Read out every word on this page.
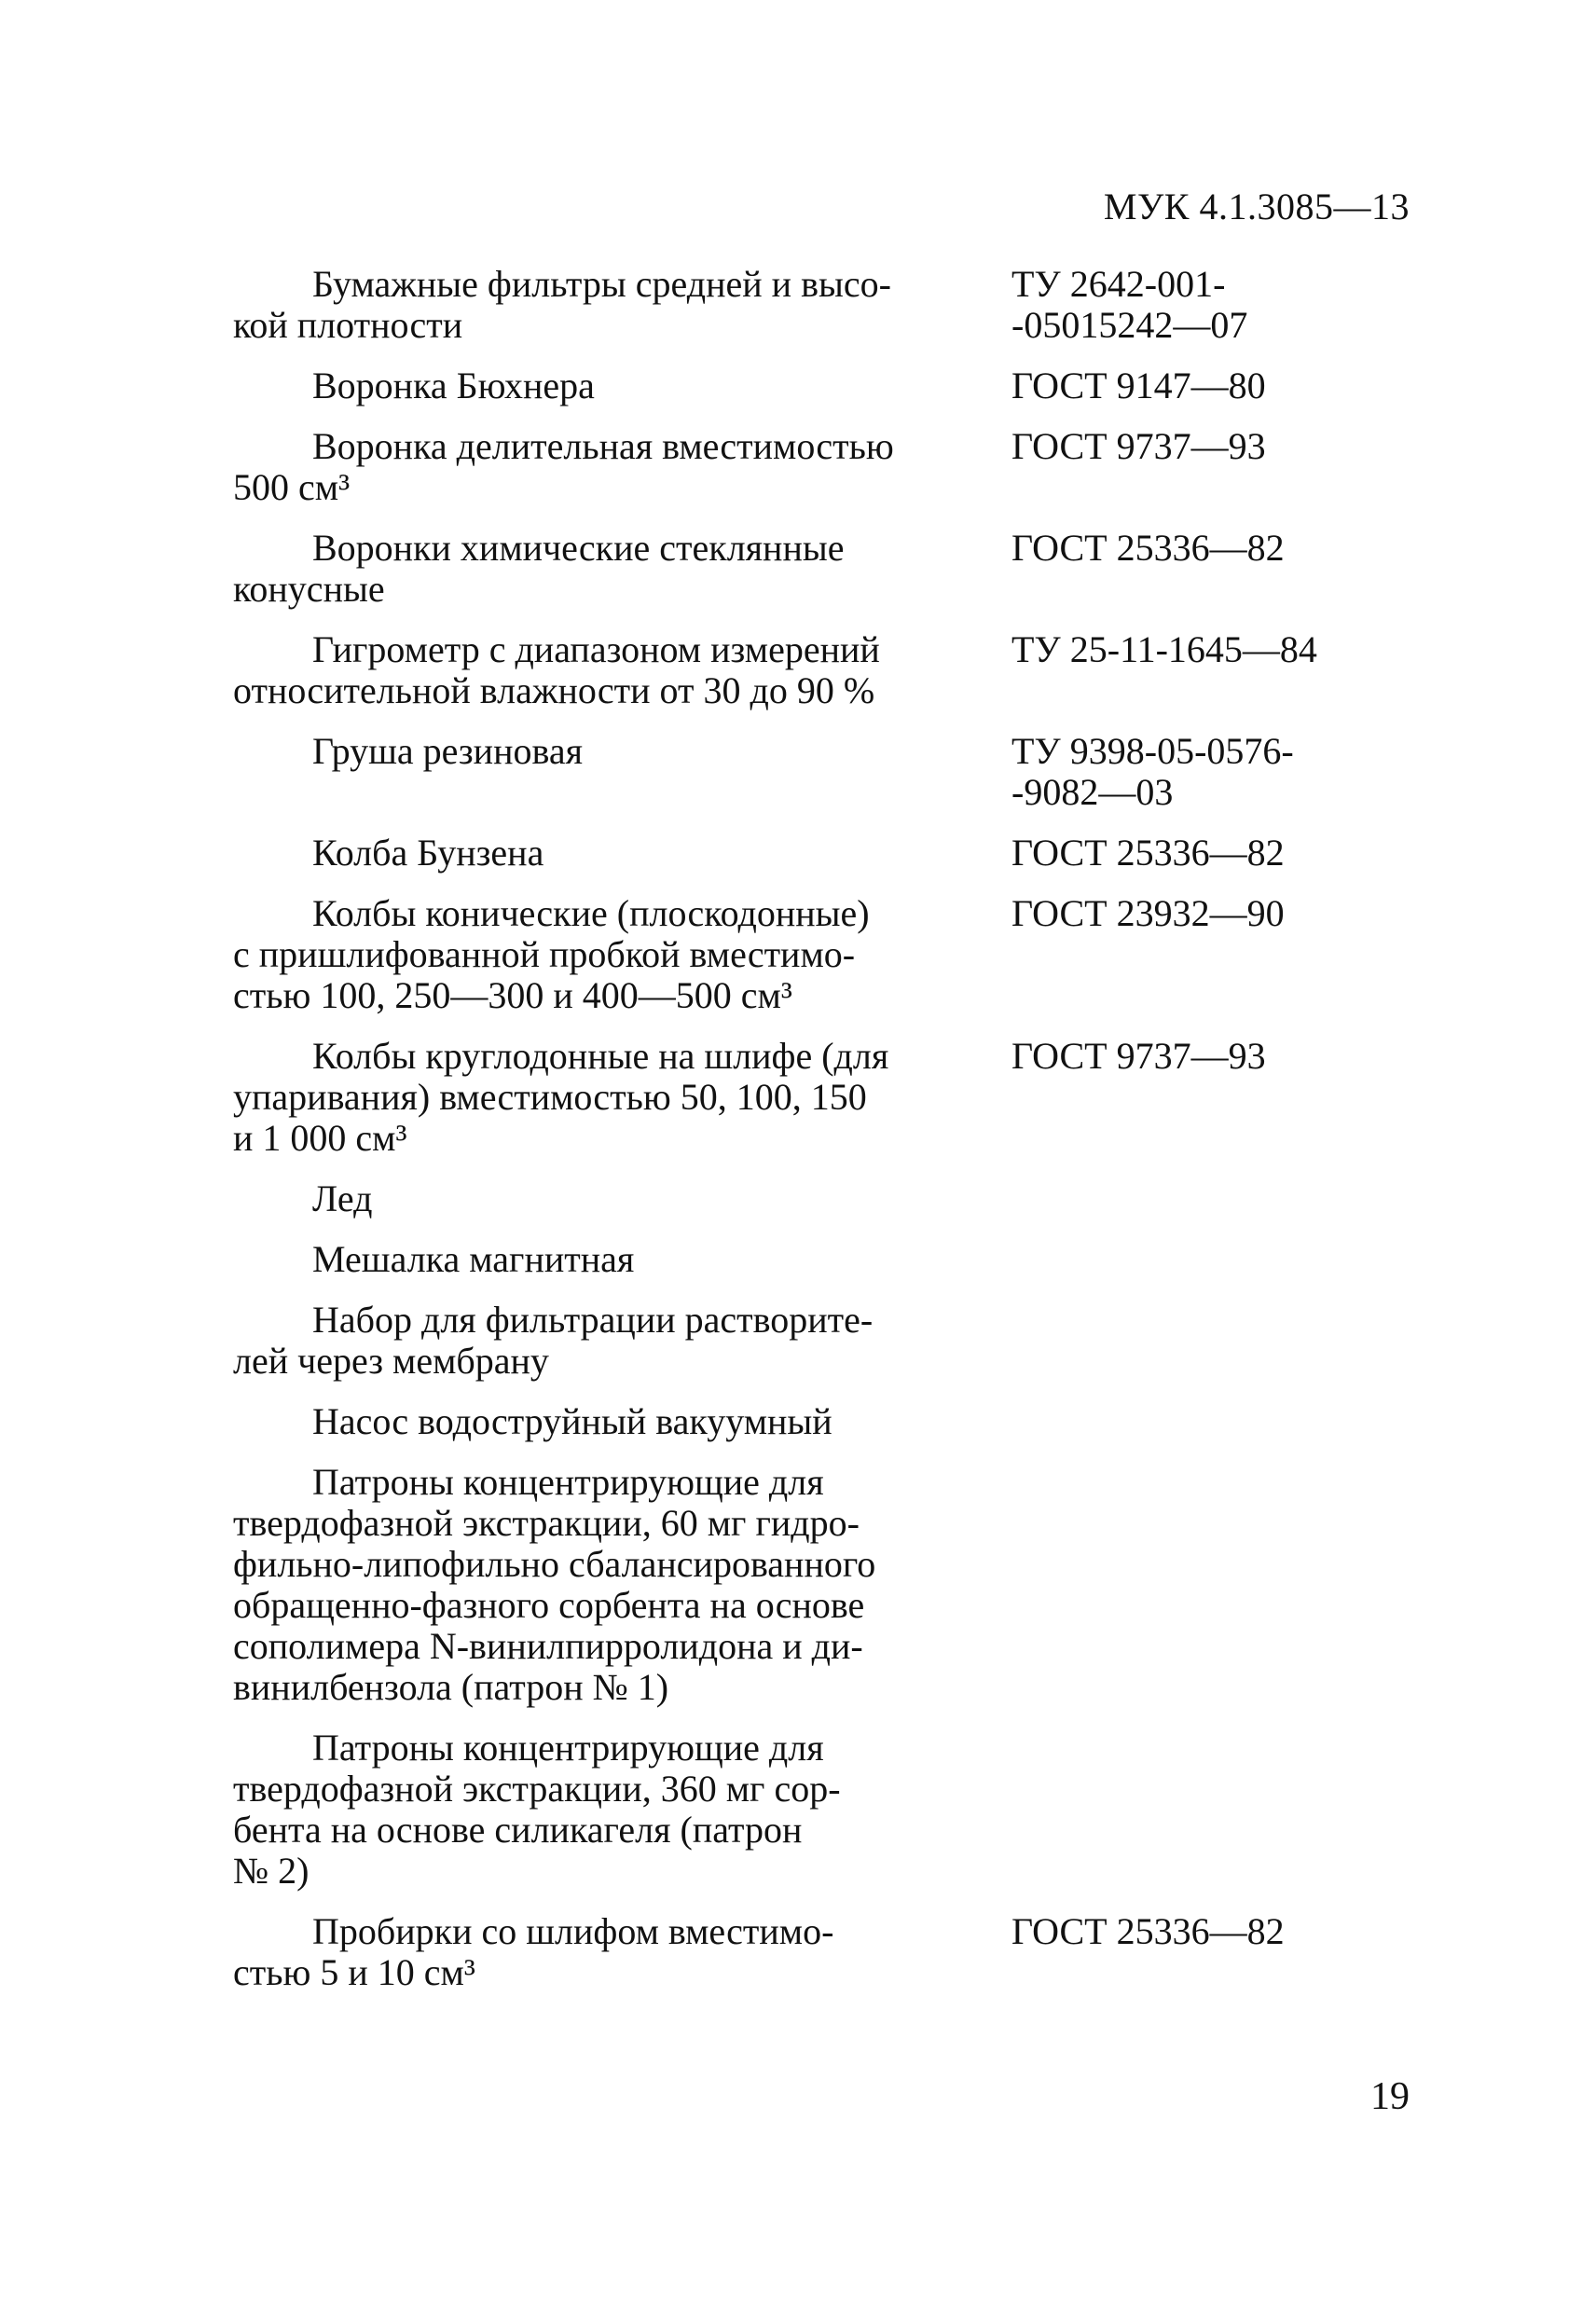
МУК 4.1.3085—13
Бумажные фильтры средней и высо-
кой плотности
ТУ 2642-001-
-05015242—07
Воронка Бюхнера	ГОСТ 9147—80
Воронка делительная вместимостью
500 см³
ГОСТ 9737—93
Воронки химические стеклянные
конусные
ГОСТ 25336—82
Гигрометр с диапазоном измерений
относительной влажности от 30 до 90 %
ТУ 25-11-1645—84
Груша резиновая	ТУ 9398-05-0576-
-9082—03
Колба Бунзена	ГОСТ 25336—82
Колбы конические (плоскодонные)
с пришлифованной пробкой вместимо-
стью 100, 250—300 и 400—500 см³
ГОСТ 23932—90
Колбы круглодонные на шлифе (для
упаривания) вместимостью 50, 100, 150
и 1 000 см³
ГОСТ 9737—93
Лед
Мешалка магнитная
Набор для фильтрации растворите-
лей через мембрану
Насос водоструйный вакуумный
Патроны концентрирующие для
твердофазной экстракции, 60 мг гидро-
фильно-липофильно сбалансированного
обращенно-фазного сорбента на основе
сополимера N-винилпирролидона и ди-
винилбензола (патрон № 1)
Патроны концентрирующие для
твердофазной экстракции, 360 мг сор-
бента на основе силикагеля (патрон
№ 2)
Пробирки со шлифом вместимо-
стью 5 и 10 см³
ГОСТ 25336—82
19
